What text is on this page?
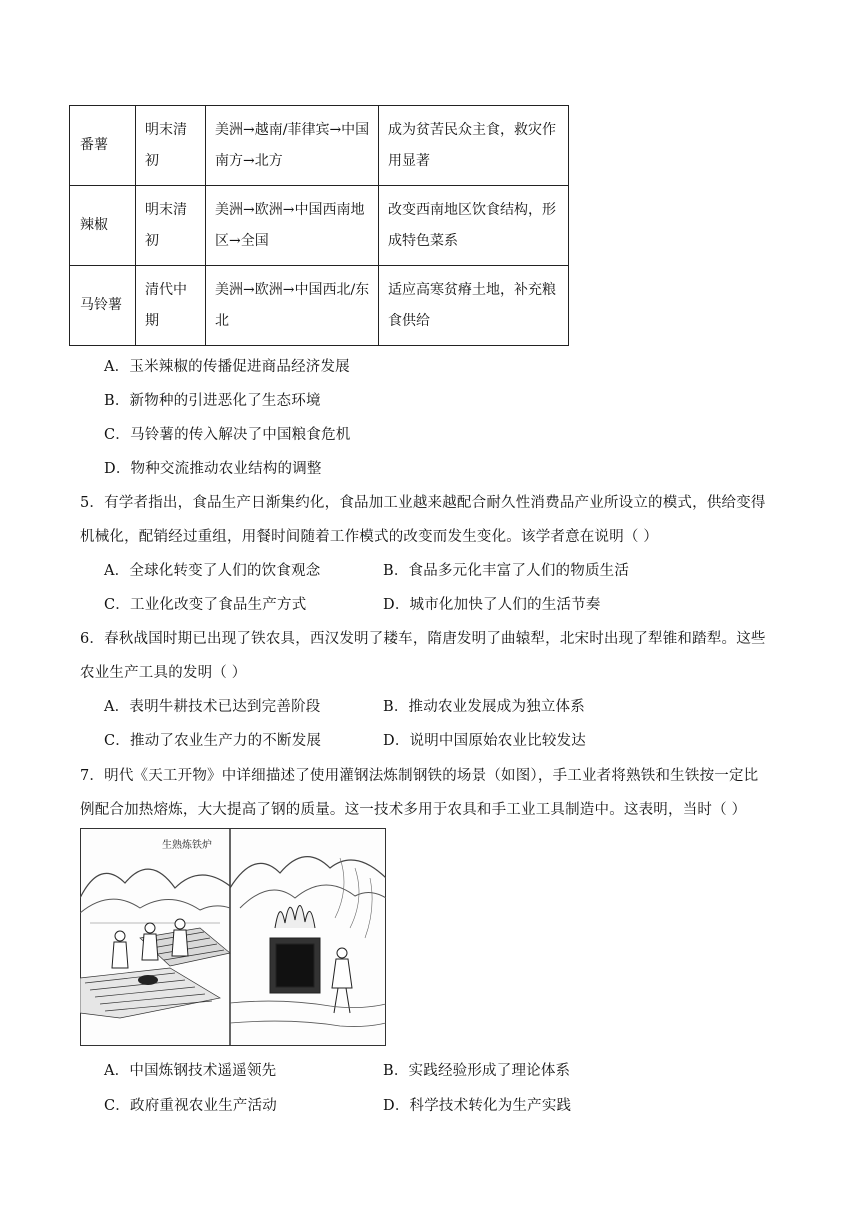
番薯	明末清初	美洲→越南/菲律宾→中国南方→北方	成为贫苦民众主食，救灾作用显著
辣椒	明末清初	美洲→欧洲→中国西南地区→全国	改变西南地区饮食结构，形成特色菜系
马铃薯	清代中期	美洲→欧洲→中国西北/东北	适应高寒贫瘠土地，补充粮食供给
A．玉米辣椒的传播促进商品经济发展
B．新物种的引进恶化了生态环境
C．马铃薯的传入解决了中国粮食危机
D．物种交流推动农业结构的调整
5．有学者指出，食品生产日渐集约化，食品加工业越来越配合耐久性消费品产业所设立的模式，供给变得
机械化，配销经过重组，用餐时间随着工作模式的改变而发生变化。该学者意在说明（ ）
A．全球化转变了人们的饮食观念	B．食品多元化丰富了人们的物质生活
C．工业化改变了食品生产方式	D．城市化加快了人们的生活节奏
6．春秋战国时期已出现了铁农具，西汉发明了耧车，隋唐发明了曲辕犁，北宋时出现了犁锥和踏犁。这些
农业生产工具的发明（ ）
A．表明牛耕技术已达到完善阶段	B．推动农业发展成为独立体系
C．推动了农业生产力的不断发展	D．说明中国原始农业比较发达
7．明代《天工开物》中详细描述了使用灌钢法炼制钢铁的场景（如图），手工业者将熟铁和生铁按一定比
例配合加热熔炼，大大提高了钢的质量。这一技术多用于农具和手工业工具制造中。这表明，当时（ ）
生熟炼铁炉
A．中国炼钢技术遥遥领先	B．实践经验形成了理论体系
C．政府重视农业生产活动	D．科学技术转化为生产实践
